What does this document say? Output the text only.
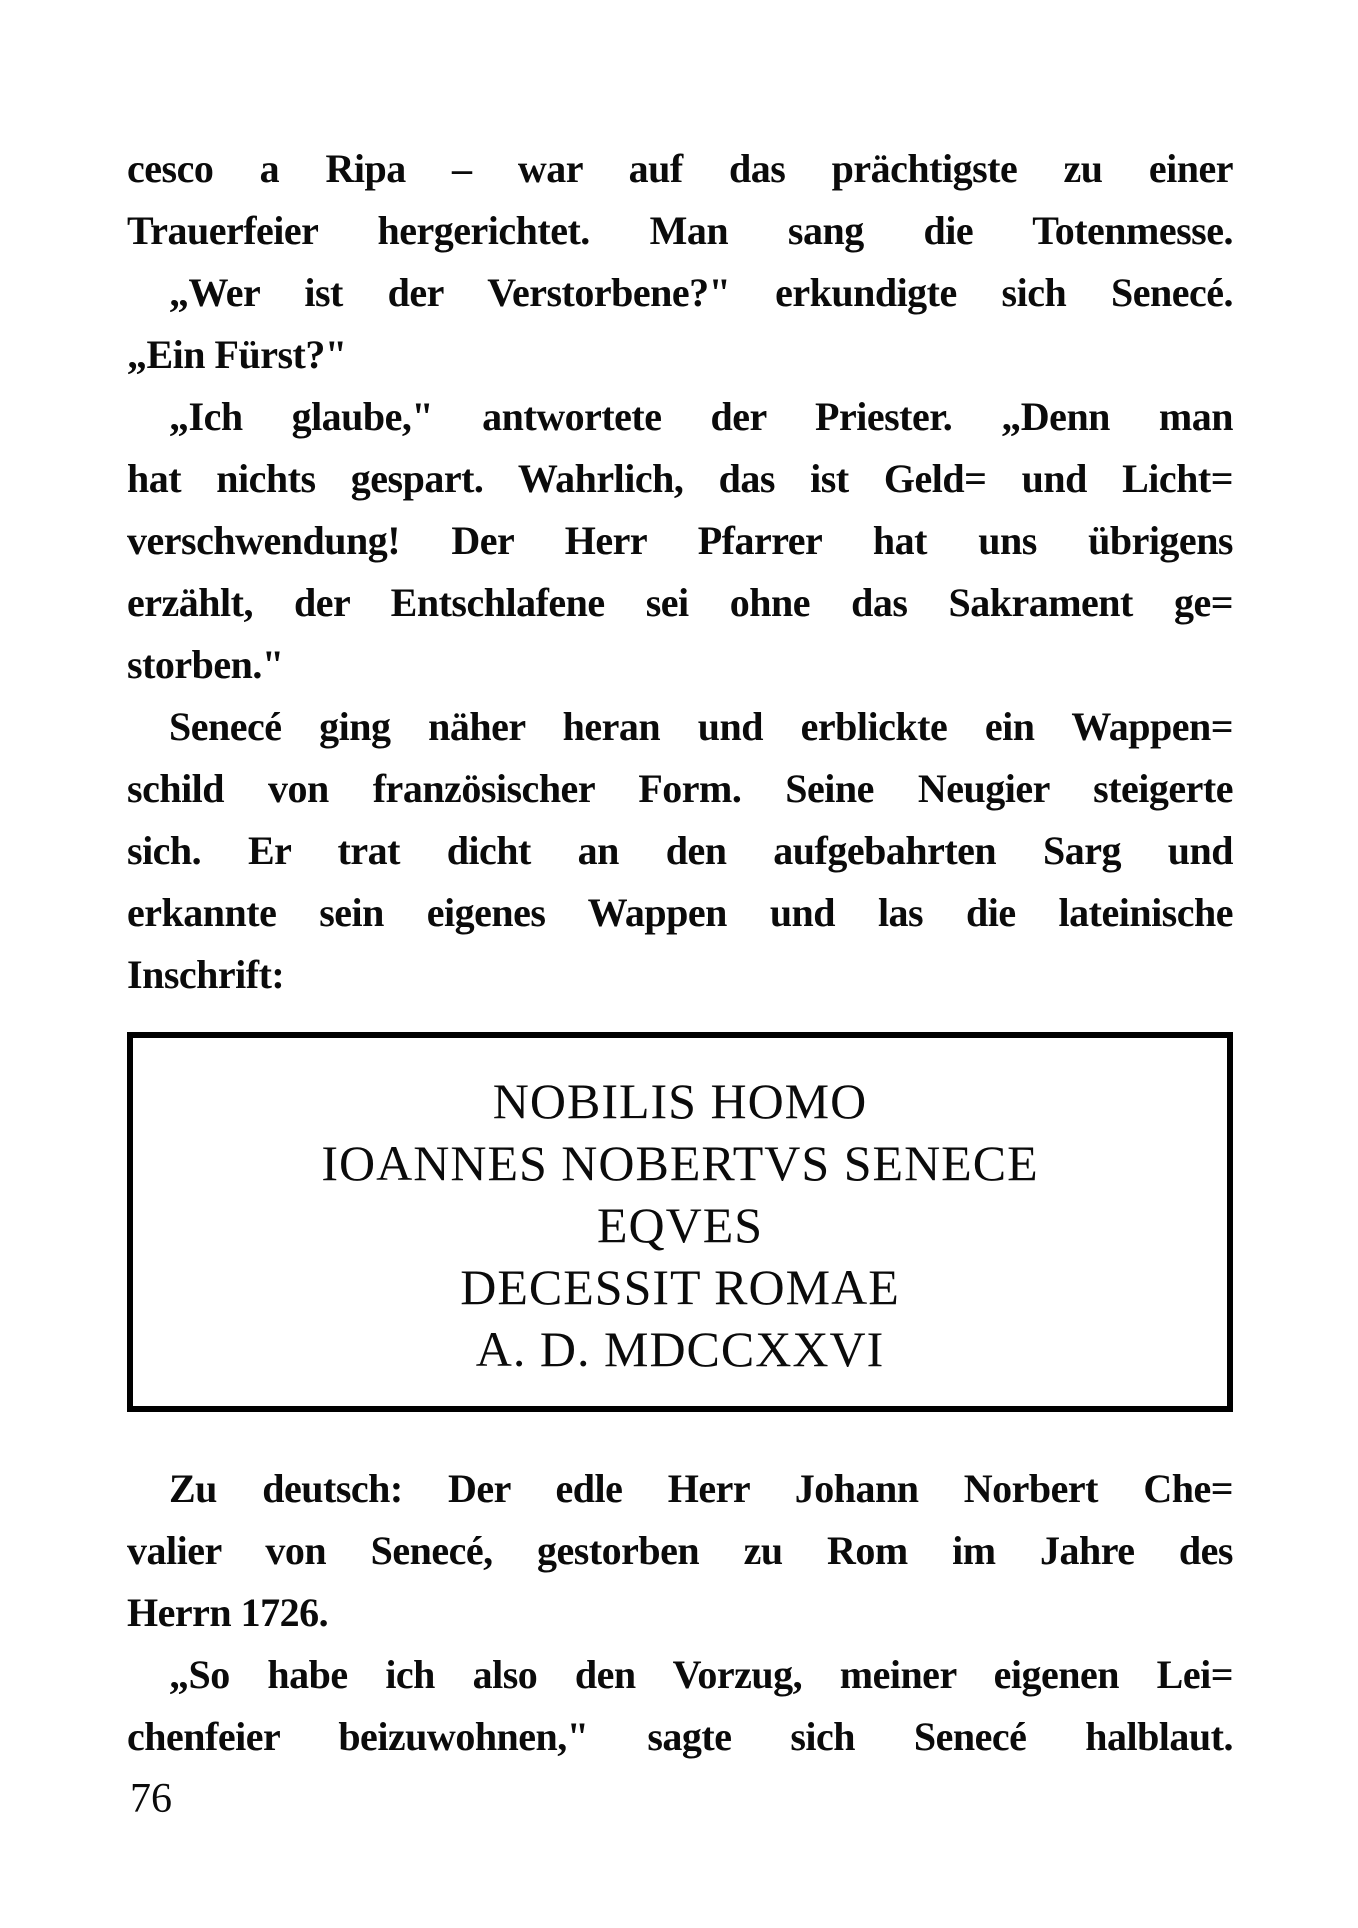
cesco a Ripa – war auf das prächtigste zu einer
Trauerfeier hergerichtet. Man sang die Totenmesse.
„Wer ist der Verstorbene?" erkundigte sich Senecé.
„Ein Fürst?"
„Ich glaube," antwortete der Priester. „Denn man
hat nichts gespart. Wahrlich, das ist Geld= und Licht=
verschwendung! Der Herr Pfarrer hat uns übrigens
erzählt, der Entschlafene sei ohne das Sakrament ge=
storben."
Senecé ging näher heran und erblickte ein Wappen=
schild von französischer Form. Seine Neugier steigerte
sich. Er trat dicht an den aufgebahrten Sarg und
erkannte sein eigenes Wappen und las die lateinische
Inschrift:
NOBILIS HOMO
IOANNES NOBERTVS SENECE
EQVES
DECESSIT ROMAE
A. D. MDCCXXVI
Zu deutsch: Der edle Herr Johann Norbert Che=
valier von Senecé, gestorben zu Rom im Jahre des
Herrn 1726.
„So habe ich also den Vorzug, meiner eigenen Lei=
chenfeier beizuwohnen," sagte sich Senecé halblaut.
76
